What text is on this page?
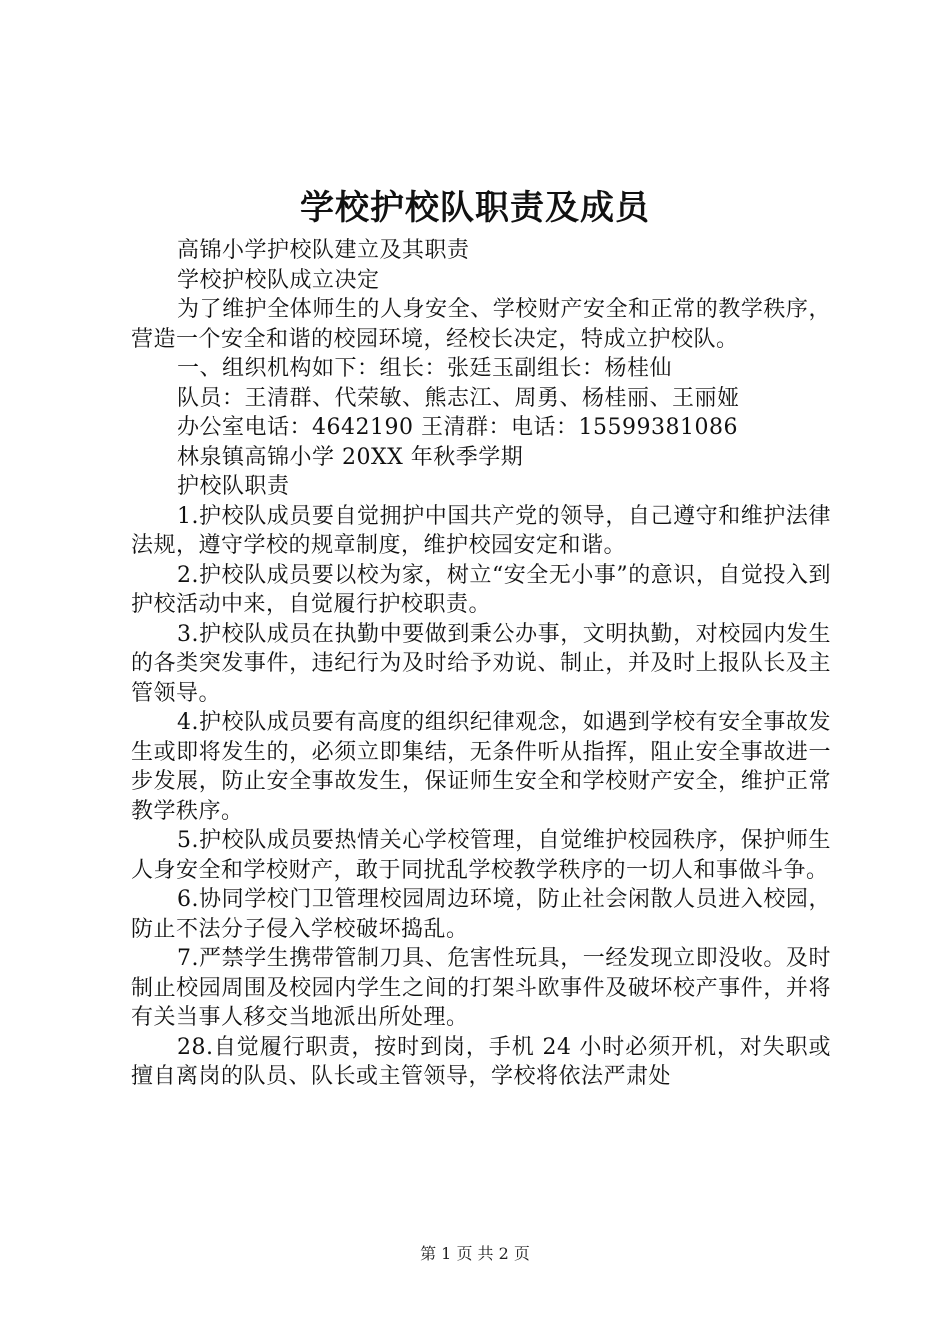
学校护校队职责及成员

高锦小学护校队建立及其职责

学校护校队成立决定

为了维护全体师生的人身安全、学校财产安全和正常的教学秩序，营造一个安全和谐的校园环境，经校长决定，特成立护校队。

一、组织机构如下：组长：张廷玉副组长：杨桂仙

队员：王清群、代荣敏、熊志江、周勇、杨桂丽、王丽娅

办公室电话：4642190 王清群：电话：15599381086

林泉镇高锦小学 20XX 年秋季学期

护校队职责

1.护校队成员要自觉拥护中国共产党的领导，自己遵守和维护法律法规，遵守学校的规章制度，维护校园安定和谐。

2.护校队成员要以校为家，树立“安全无小事”的意识，自觉投入到护校活动中来，自觉履行护校职责。

3.护校队成员在执勤中要做到秉公办事，文明执勤，对校园内发生的各类突发事件，违纪行为及时给予劝说、制止，并及时上报队长及主管领导。

4.护校队成员要有高度的组织纪律观念，如遇到学校有安全事故发生或即将发生的，必须立即集结，无条件听从指挥，阻止安全事故进一步发展，防止安全事故发生，保证师生安全和学校财产安全，维护正常教学秩序。

5.护校队成员要热情关心学校管理，自觉维护校园秩序，保护师生人身安全和学校财产，敢于同扰乱学校教学秩序的一切人和事做斗争。

6.协同学校门卫管理校园周边环境，防止社会闲散人员进入校园，防止不法分子侵入学校破坏捣乱。

7.严禁学生携带管制刀具、危害性玩具，一经发现立即没收。及时制止校园周围及校园内学生之间的打架斗欧事件及破坏校产事件，并将有关当事人移交当地派出所处理。

28.自觉履行职责，按时到岗，手机 24 小时必须开机，对失职或擅自离岗的队员、队长或主管领导，学校将依法严肃处

第 1 页 共 2 页
